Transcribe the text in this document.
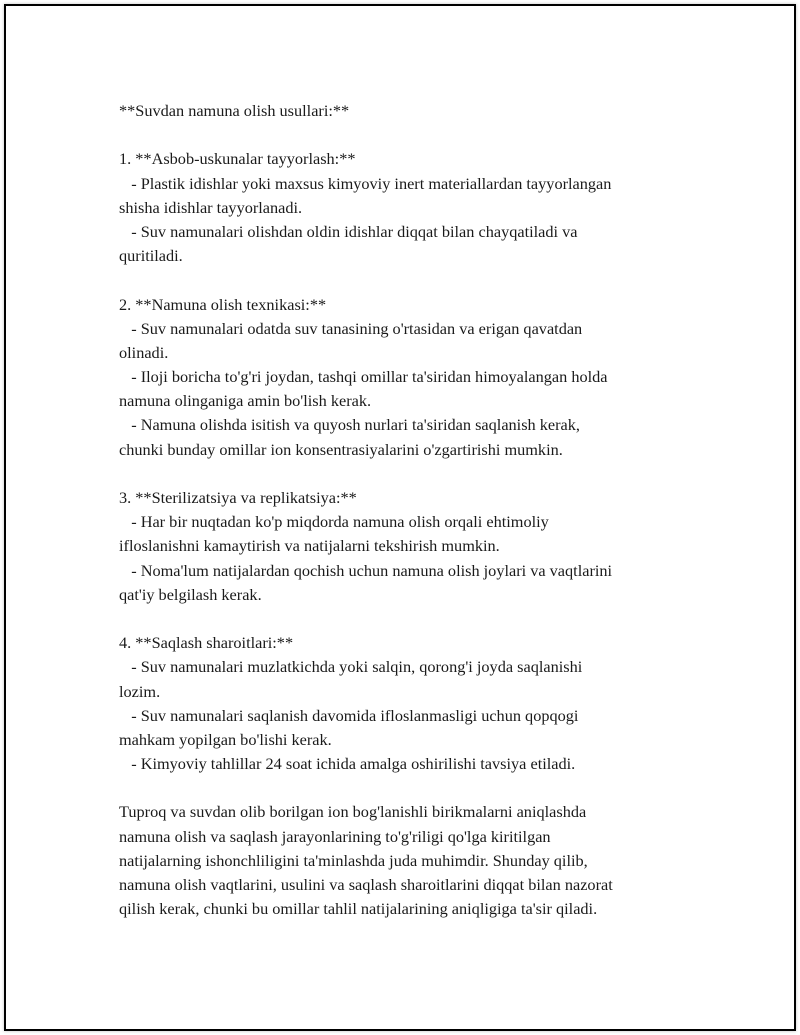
**Suvdan namuna olish usullari:**
1. **Asbob-uskunalar tayyorlash:**
- Plastik idishlar yoki maxsus kimyoviy inert materiallardan tayyorlangan
shisha idishlar tayyorlanadi.
- Suv namunalari olishdan oldin idishlar diqqat bilan chayqatiladi va
quritiladi.
2. **Namuna olish texnikasi:**
- Suv namunalari odatda suv tanasining o'rtasidan va erigan qavatdan
olinadi.
- Iloji boricha to'g'ri joydan, tashqi omillar ta'siridan himoyalangan holda
namuna olinganiga amin bo'lish kerak.
- Namuna olishda isitish va quyosh nurlari ta'siridan saqlanish kerak,
chunki bunday omillar ion konsentrasiyalarini o'zgartirishi mumkin.
3. **Sterilizatsiya va replikatsiya:**
- Har bir nuqtadan ko'p miqdorda namuna olish orqali ehtimoliy
ifloslanishni kamaytirish va natijalarni tekshirish mumkin.
- Noma'lum natijalardan qochish uchun namuna olish joylari va vaqtlarini
qat'iy belgilash kerak.
4. **Saqlash sharoitlari:**
- Suv namunalari muzlatkichda yoki salqin, qorong'i joyda saqlanishi
lozim.
- Suv namunalari saqlanish davomida ifloslanmasligi uchun qopqogi
mahkam yopilgan bo'lishi kerak.
- Kimyoviy tahlillar 24 soat ichida amalga oshirilishi tavsiya etiladi.
Tuproq va suvdan olib borilgan ion bog'lanishli birikmalarni aniqlashda
namuna olish va saqlash jarayonlarining to'g'riligi qo'lga kiritilgan
natijalarning ishonchliligini ta'minlashda juda muhimdir. Shunday qilib,
namuna olish vaqtlarini, usulini va saqlash sharoitlarini diqqat bilan nazorat
qilish kerak, chunki bu omillar tahlil natijalarining aniqligiga ta'sir qiladi.
